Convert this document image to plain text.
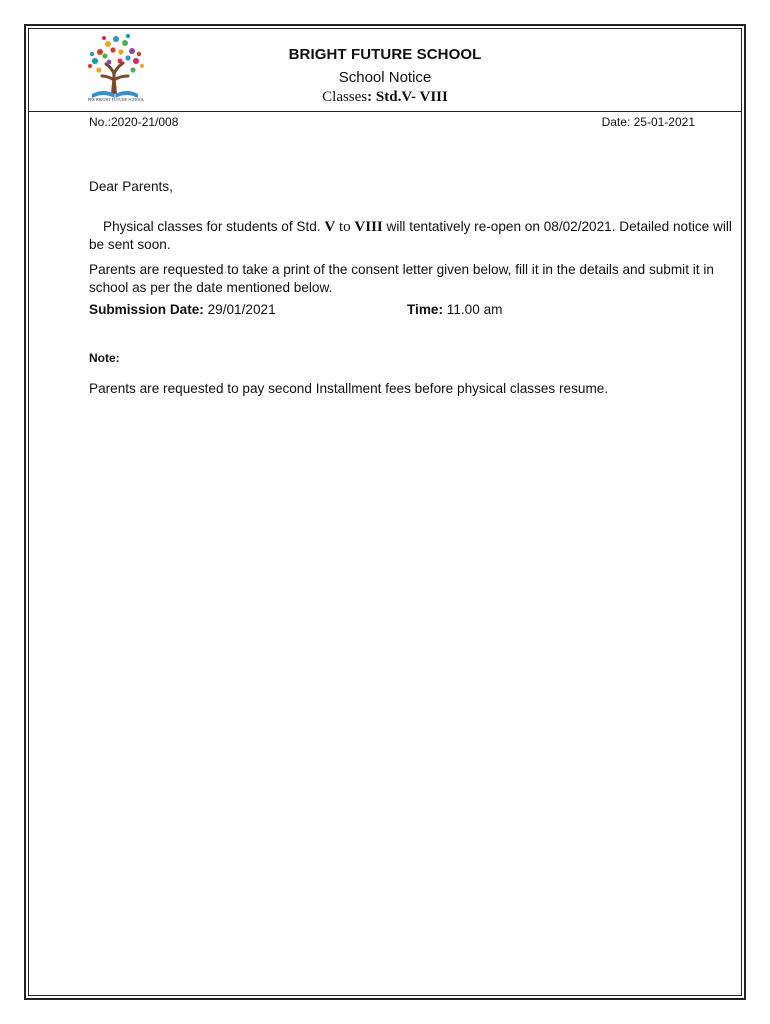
PBS BRIGHT FUTURE SCHOOL
BRIGHT FUTURE SCHOOL
School Notice
Classes: Std.V- VIII
No.:2020-21/008	Date: 25-01-2021
Dear Parents,
Physical classes for students of Std. V to VIII will tentatively re-open on 08/02/2021. Detailed notice will be sent soon.
Parents are requested to take a print of the consent letter given below, fill it in the details and submit it in school as per the date mentioned below.
Submission Date: 29/01/2021	Time: 11.00 am
Note:
Parents are requested to pay second Installment fees before physical classes resume.
